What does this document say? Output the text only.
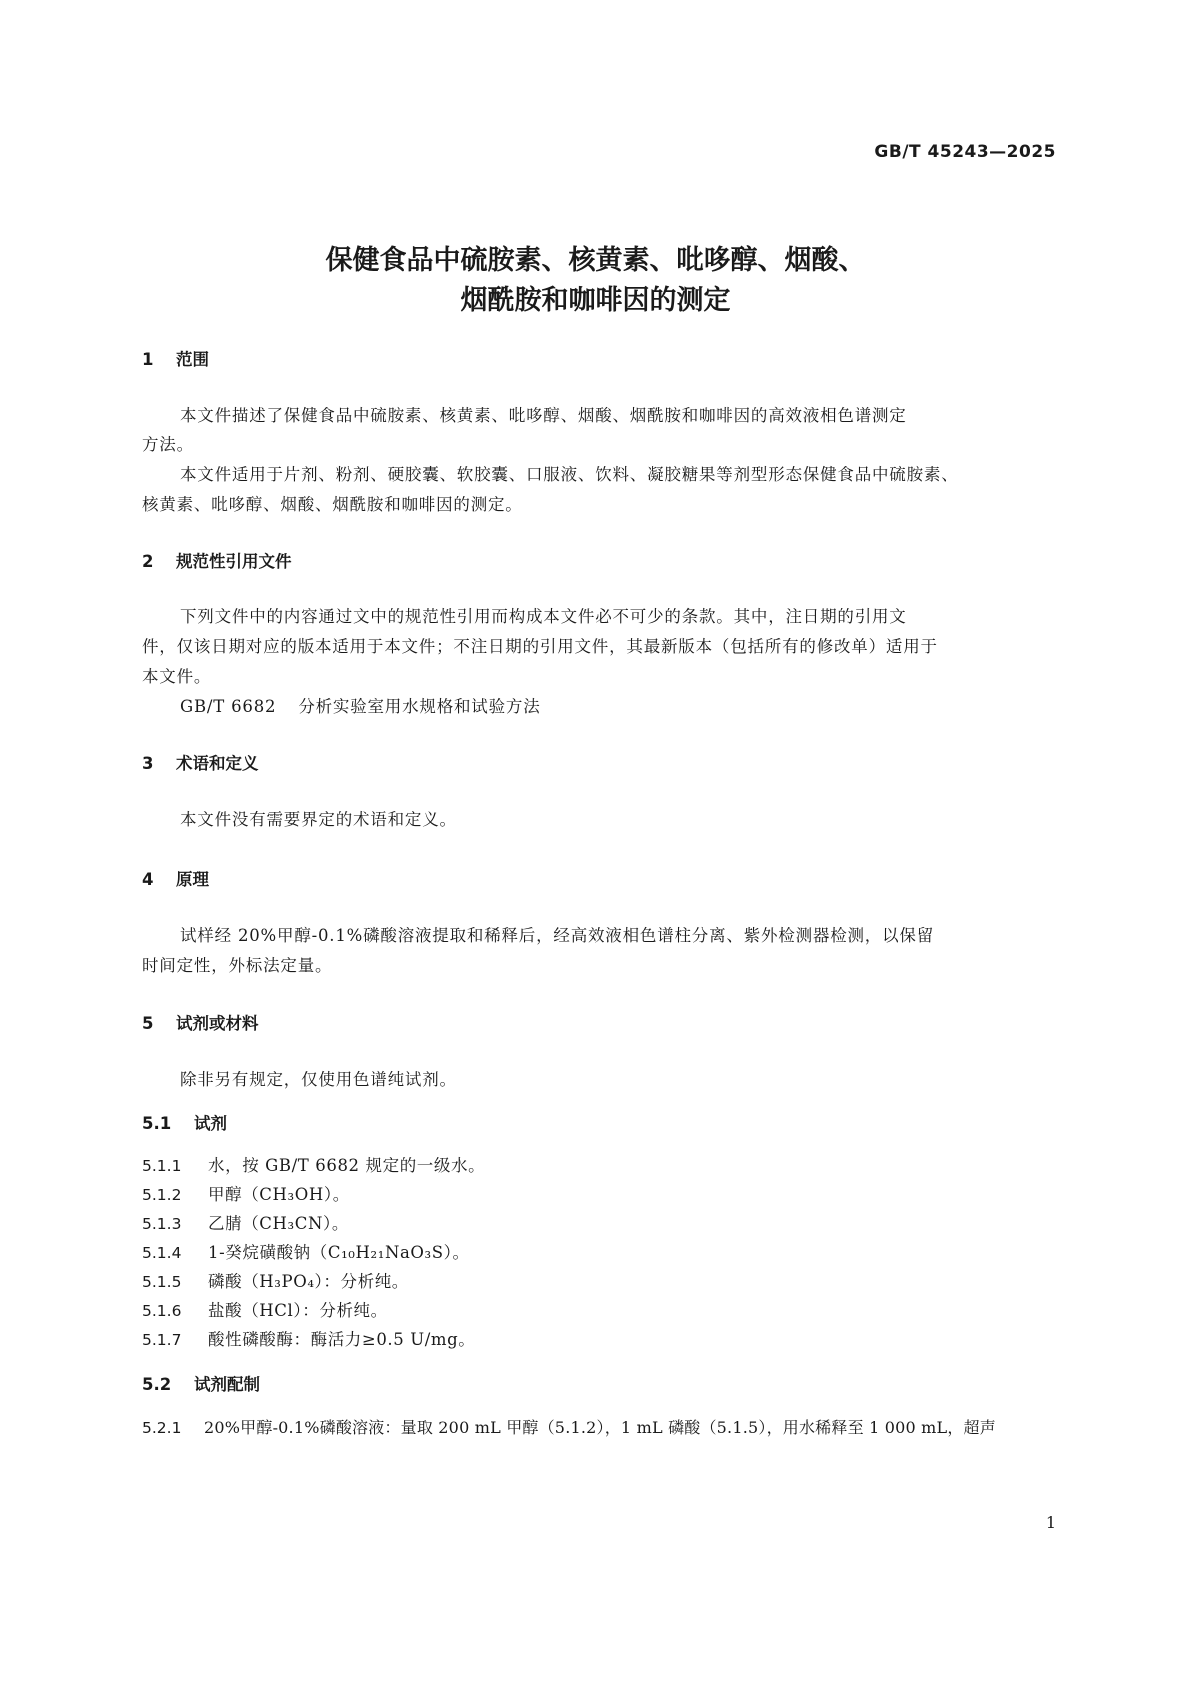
GB/T 45243—2025
保健食品中硫胺素、核黄素、吡哆醇、烟酸、
烟酰胺和咖啡因的测定
1 范围
本文件描述了保健食品中硫胺素、核黄素、吡哆醇、烟酸、烟酰胺和咖啡因的高效液相色谱测定
方法。
本文件适用于片剂、粉剂、硬胶囊、软胶囊、口服液、饮料、凝胶糖果等剂型形态保健食品中硫胺素、
核黄素、吡哆醇、烟酸、烟酰胺和咖啡因的测定。
2 规范性引用文件
下列文件中的内容通过文中的规范性引用而构成本文件必不可少的条款。其中，注日期的引用文
件，仅该日期对应的版本适用于本文件；不注日期的引用文件，其最新版本（包括所有的修改单）适用于
本文件。
GB/T 6682 分析实验室用水规格和试验方法
3 术语和定义
本文件没有需要界定的术语和定义。
4 原理
试样经 20%甲醇-0.1%磷酸溶液提取和稀释后，经高效液相色谱柱分离、紫外检测器检测，以保留
时间定性，外标法定量。
5 试剂或材料
除非另有规定，仅使用色谱纯试剂。
5.1 试剂
5.1.1 水，按 GB/T 6682 规定的一级水。
5.1.2 甲醇（CH₃OH）。
5.1.3 乙腈（CH₃CN）。
5.1.4 1-癸烷磺酸钠（C₁₀H₂₁NaO₃S）。
5.1.5 磷酸（H₃PO₄）：分析纯。
5.1.6 盐酸（HCl）：分析纯。
5.1.7 酸性磷酸酶：酶活力≥0.5 U/mg。
5.2 试剂配制
5.2.1 20%甲醇-0.1%磷酸溶液：量取 200 mL 甲醇（5.1.2），1 mL 磷酸（5.1.5），用水稀释至 1 000 mL，超声
1
